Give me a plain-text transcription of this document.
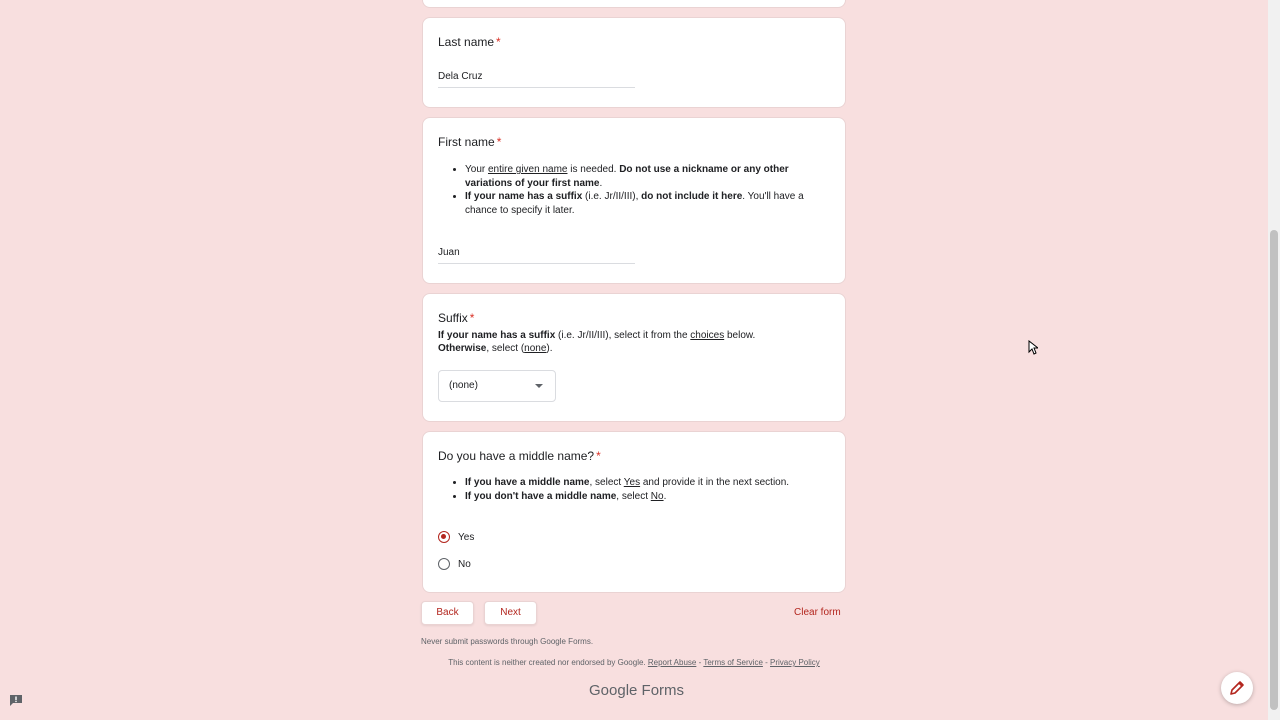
Last name *
Dela Cruz
First name *
• Your entire given name is needed. Do not use a nickname or any other variations of your first name.
• If your name has a suffix (i.e. Jr/II/III), do not include it here. You'll have a chance to specify it later.
Juan
Suffix *
If your name has a suffix (i.e. Jr/II/III), select it from the choices below.
Otherwise, select (none).
(none)
Do you have a middle name? *
• If you have a middle name, select Yes and provide it in the next section.
• If you don't have a middle name, select No.
Yes
No
Back	Next	Clear form
Never submit passwords through Google Forms.
This content is neither created nor endorsed by Google. Report Abuse - Terms of Service - Privacy Policy
Google Forms
